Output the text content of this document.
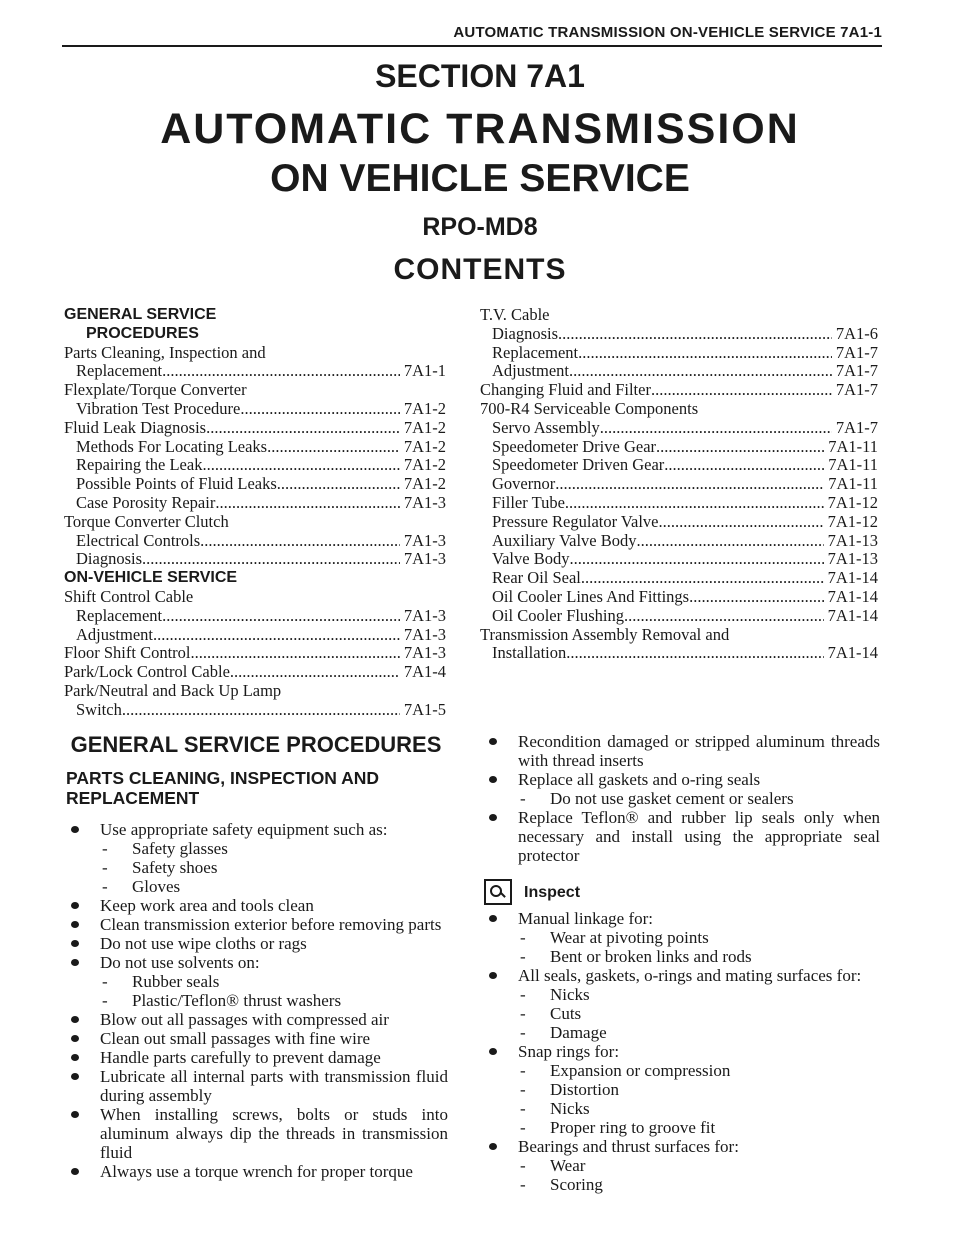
AUTOMATIC TRANSMISSION ON-VEHICLE SERVICE 7A1-1
SECTION 7A1
AUTOMATIC TRANSMISSION
ON VEHICLE SERVICE
RPO-MD8
CONTENTS
GENERAL SERVICE
PROCEDURES
Parts Cleaning, Inspection and
Replacement .....	7A1-1
Flexplate/Torque Converter
Vibration Test Procedure .....	7A1-2
Fluid Leak Diagnosis .....	7A1-2
Methods For Locating Leaks .....	7A1-2
Repairing the Leak .....	7A1-2
Possible Points of Fluid Leaks .....	7A1-2
Case Porosity Repair .....	7A1-3
Torque Converter Clutch
Electrical Controls .....	7A1-3
Diagnosis .....	7A1-3
ON-VEHICLE SERVICE
Shift Control Cable
Replacement .....	7A1-3
Adjustment .....	7A1-3
Floor Shift Control .....	7A1-3
Park/Lock Control Cable .....	7A1-4
Park/Neutral and Back Up Lamp
Switch .....	7A1-5
T.V. Cable
Diagnosis .....	7A1-6
Replacement .....	7A1-7
Adjustment .....	7A1-7
Changing Fluid and Filter .....	7A1-7
700-R4 Serviceable Components
Servo Assembly .....	7A1-7
Speedometer Drive Gear .....	7A1-11
Speedometer Driven Gear .....	7A1-11
Governor .....	7A1-11
Filler Tube .....	7A1-12
Pressure Regulator Valve .....	7A1-12
Auxiliary Valve Body .....	7A1-13
Valve Body .....	7A1-13
Rear Oil Seal .....	7A1-14
Oil Cooler Lines And Fittings .....	7A1-14
Oil Cooler Flushing .....	7A1-14
Transmission Assembly Removal and
Installation .....	7A1-14
GENERAL SERVICE PROCEDURES
PARTS CLEANING, INSPECTION AND REPLACEMENT
Use appropriate safety equipment such as:
- Safety glasses
- Safety shoes
- Gloves
Keep work area and tools clean
Clean transmission exterior before removing parts
Do not use wipe cloths or rags
Do not use solvents on:
- Rubber seals
- Plastic/Teflon® thrust washers
Blow out all passages with compressed air
Clean out small passages with fine wire
Handle parts carefully to prevent damage
Lubricate all internal parts with transmission fluid during assembly
When installing screws, bolts or studs into aluminum always dip the threads in transmission fluid
Always use a torque wrench for proper torque
Recondition damaged or stripped aluminum threads with thread inserts
Replace all gaskets and o-ring seals
- Do not use gasket cement or sealers
Replace Teflon® and rubber lip seals only when necessary and install using the appropriate seal protector
Inspect
Manual linkage for:
- Wear at pivoting points
- Bent or broken links and rods
All seals, gaskets, o-rings and mating surfaces for:
- Nicks
- Cuts
- Damage
Snap rings for:
- Expansion or compression
- Distortion
- Nicks
- Proper ring to groove fit
Bearings and thrust surfaces for:
- Wear
- Scoring
